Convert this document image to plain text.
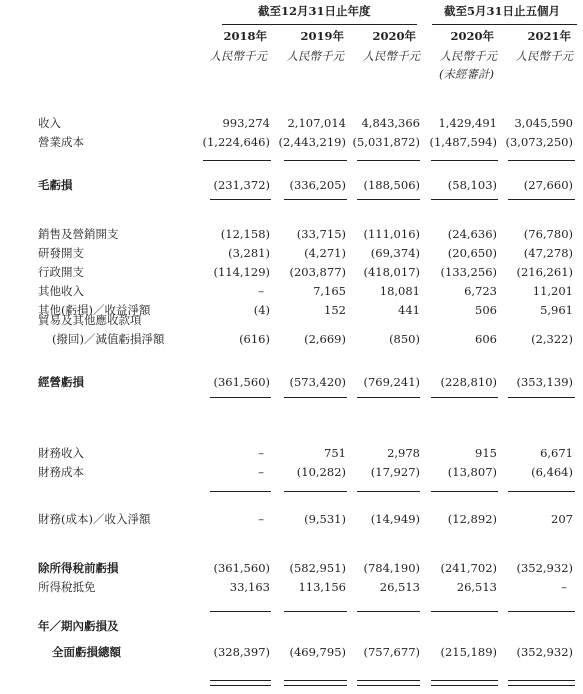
截至12月31日止年度	截至5月31日止五個月
2018年	2019年 2020年	2020年	2021年
人民幣千元 人民幣千元 人民幣千元 人民幣千元 人民幣千元
(未經審計)
收入	993,274 2,107,014 4,843,366 1,429,491 3,045,590
營業成本	(1,224,646) (2,443,219) (5,031,872) (1,487,594) (3,073,250)
毛虧損	(231,372) (336,205) (188,506) (58,103) (27,660)
銷售及營銷開支	(12,158) (33,715) (111,016) (24,636) (76,780)
研發開支	(3,281)	(4,271) (69,374) (20,650) (47,278)
行政開支	(114,129) (203,877) (418,017) (133,256) (216,261)
其他收入	–	7,165	18,081	6,723	11,201
其他(虧損)／收益淨額	(4)	152	441	506	5,961
貿易及其他應收款項
(撥回)／減值虧損淨額	(616)	(2,669)	(850)	606	(2,322)
經營虧損	(361,560) (573,420) (769,241) (228,810) (353,139)
財務收入	–	751	2,978	915	6,671
財務成本	–	(10,282) (17,927) (13,807)	(6,464)
財務(成本)／收入淨額	–	(9,531) (14,949) (12,892)	207
除所得稅前虧損	(361,560) (582,951) (784,190) (241,702) (352,932)
所得稅抵免	33,163 113,156	26,513	26,513	–
年／期內虧損及
全面虧損總額	(328,397) (469,795) (757,677) (215,189) (352,932)
